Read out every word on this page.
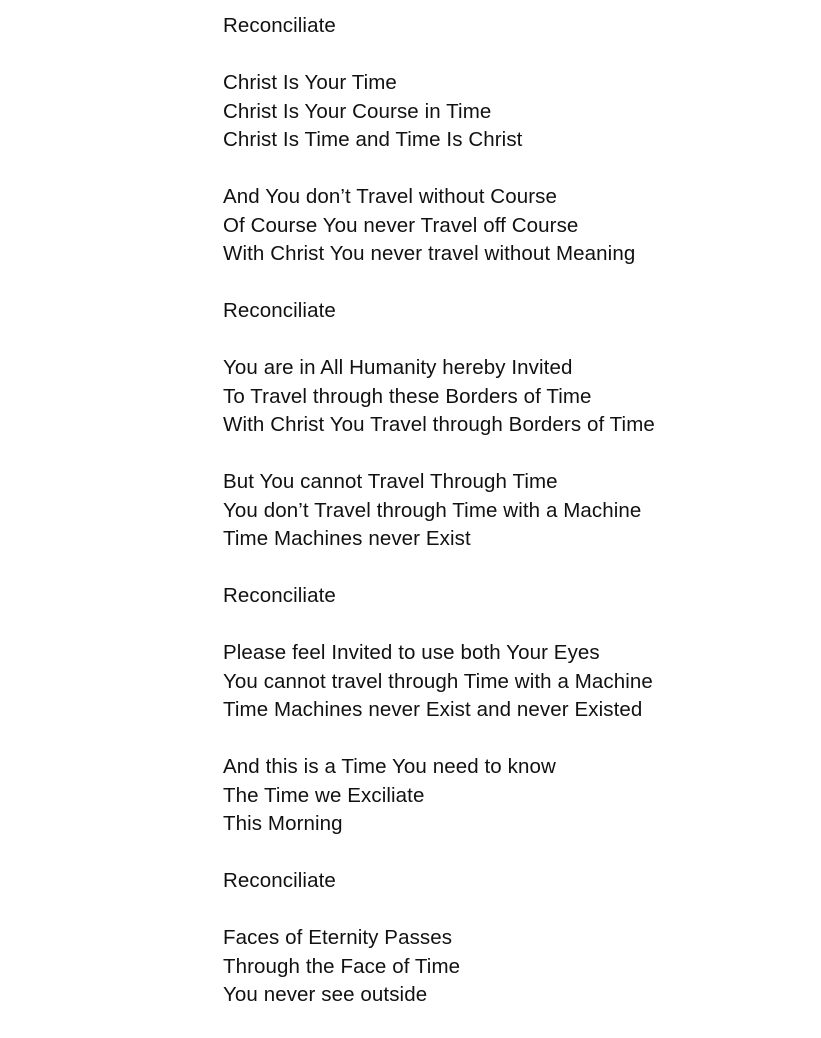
Reconciliate
Christ Is Your Time
Christ Is Your Course in Time
Christ Is Time and Time Is Christ
And You don’t Travel without Course
Of Course You never Travel off Course
With Christ You never travel without Meaning
Reconciliate
You are in All Humanity hereby Invited
To Travel through these Borders of Time
With Christ You Travel through Borders of Time
But You cannot Travel Through Time
You don’t Travel through Time with a Machine
Time Machines never Exist
Reconciliate
Please feel Invited to use both Your Eyes
You cannot travel through Time with a Machine
Time Machines never Exist and never Existed
And this is a Time You need to know
The Time we Exciliate
This Morning
Reconciliate
Faces of Eternity Passes
Through the Face of Time
You never see outside
